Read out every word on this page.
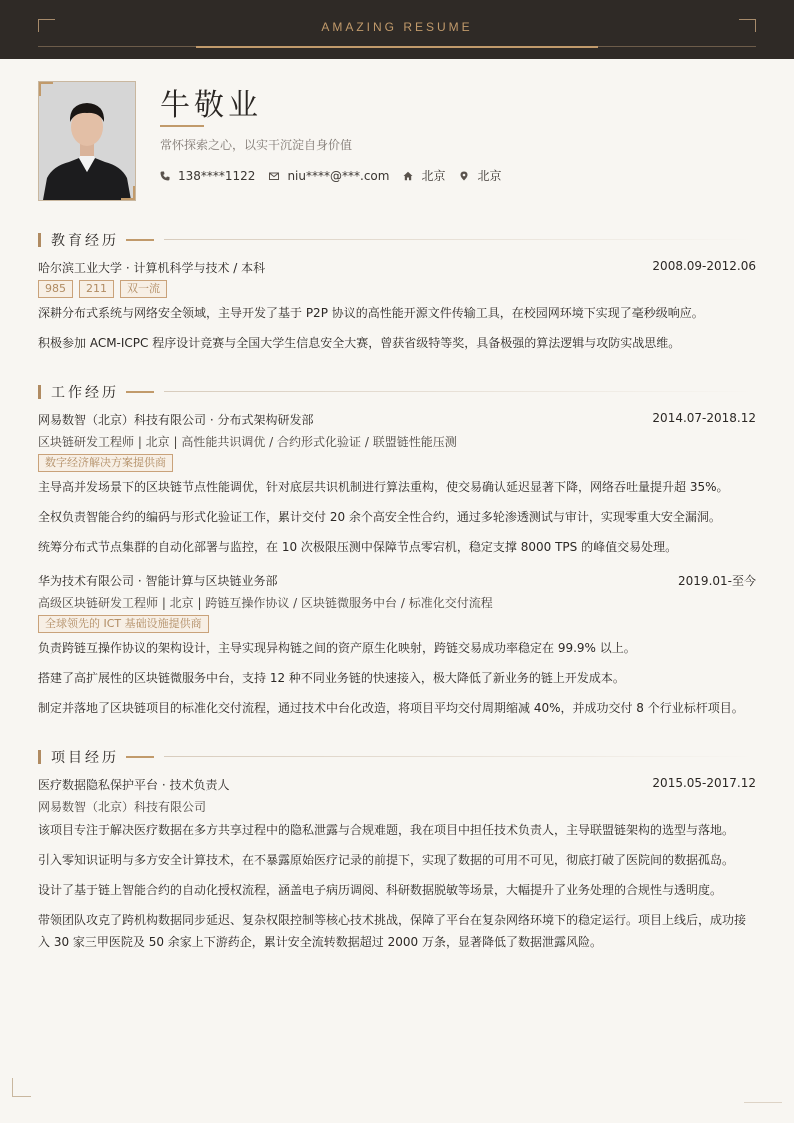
AMAZING RESUME
牛敬业
常怀探索之心，以实干沉淀自身价值
138****1122	niu****@***.com	北京	北京
教育经历
哈尔滨工业大学 · 计算机科学与技术 / 本科	2008.09-2012.06
985	211	双一流
深耕分布式系统与网络安全领域，主导开发了基于 P2P 协议的高性能开源文件传输工具，在校园网环境下实现了毫秒级响应。
积极参加 ACM-ICPC 程序设计竞赛与全国大学生信息安全大赛，曾获省级特等奖，具备极强的算法逻辑与攻防实战思维。
工作经历
网易数智（北京）科技有限公司 · 分布式架构研发部	2014.07-2018.12
区块链研发工程师 | 北京 | 高性能共识调优 / 合约形式化验证 / 联盟链性能压测
数字经济解决方案提供商
主导高并发场景下的区块链节点性能调优，针对底层共识机制进行算法重构，使交易确认延迟显著下降，网络吞吐量提升超 35%。
全权负责智能合约的编码与形式化验证工作，累计交付 20 余个高安全性合约，通过多轮渗透测试与审计，实现零重大安全漏洞。
统筹分布式节点集群的自动化部署与监控，在 10 次极限压测中保障节点零宕机，稳定支撑 8000 TPS 的峰值交易处理。
华为技术有限公司 · 智能计算与区块链业务部	2019.01-至今
高级区块链研发工程师 | 北京 | 跨链互操作协议 / 区块链微服务中台 / 标准化交付流程
全球领先的 ICT 基础设施提供商
负责跨链互操作协议的架构设计，主导实现异构链之间的资产原生化映射，跨链交易成功率稳定在 99.9% 以上。
搭建了高扩展性的区块链微服务中台，支持 12 种不同业务链的快速接入，极大降低了新业务的链上开发成本。
制定并落地了区块链项目的标准化交付流程，通过技术中台化改造，将项目平均交付周期缩减 40%，并成功交付 8 个行业标杆项目。
项目经历
医疗数据隐私保护平台 · 技术负责人	2015.05-2017.12
网易数智（北京）科技有限公司
该项目专注于解决医疗数据在多方共享过程中的隐私泄露与合规难题，我在项目中担任技术负责人，主导联盟链架构的选型与落地。
引入零知识证明与多方安全计算技术，在不暴露原始医疗记录的前提下，实现了数据的可用不可见，彻底打破了医院间的数据孤岛。
设计了基于链上智能合约的自动化授权流程，涵盖电子病历调阅、科研数据脱敏等场景，大幅提升了业务处理的合规性与透明度。
带领团队攻克了跨机构数据同步延迟、复杂权限控制等核心技术挑战，保障了平台在复杂网络环境下的稳定运行。项目上线后，成功接入 30 家三甲医院及 50 余家上下游药企，累计安全流转数据超过 2000 万条，显著降低了数据泄露风险。
